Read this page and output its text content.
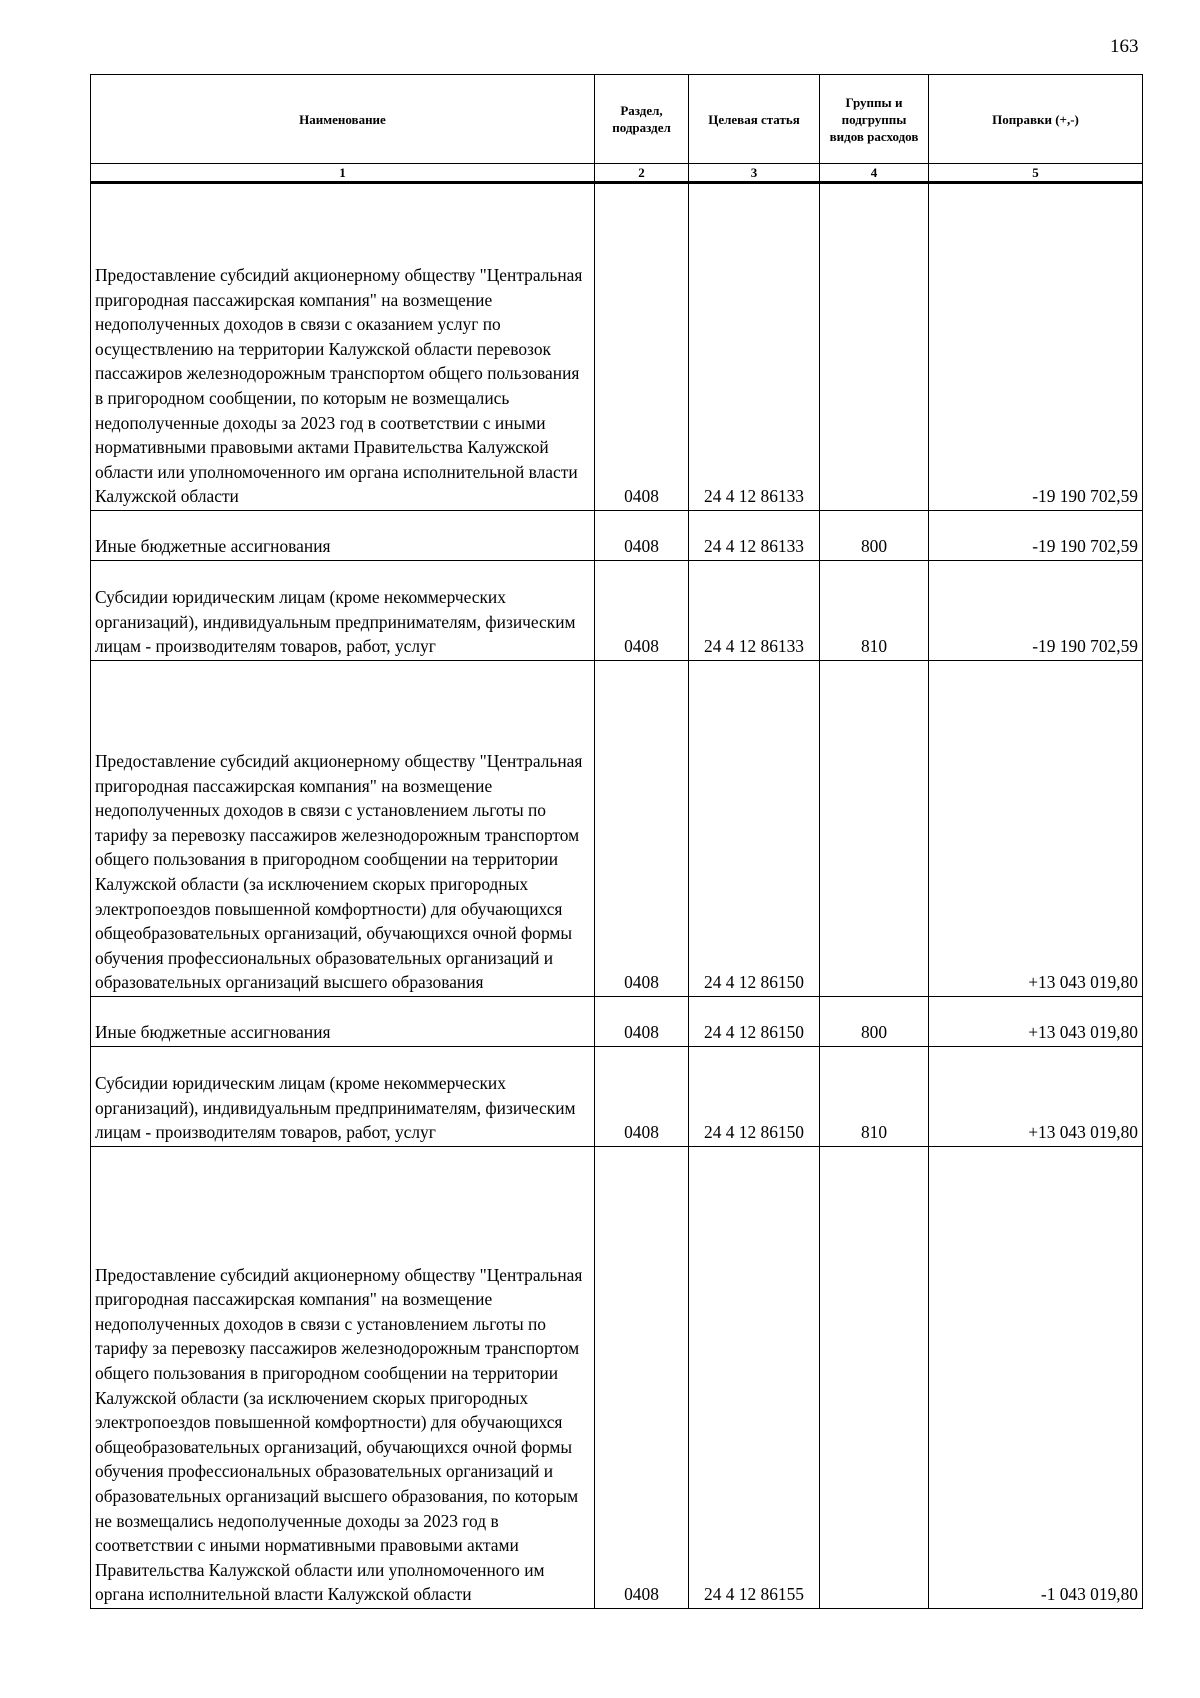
163
Наименование	Раздел, подраздел	Целевая статья	Группы и подгруппы видов расходов	Поправки (+,-)
1	2	3	4	5
Предоставление субсидий акционерному обществу "Центральная пригородная пассажирская компания" на возмещение недополученных доходов в связи с оказанием услуг по осуществлению на территории Калужской области перевозок пассажиров железнодорожным транспортом общего пользования в пригородном сообщении, по которым не возмещались недополученные доходы за 2023 год в соответствии с иными нормативными правовыми актами Правительства Калужской области или уполномоченного им органа исполнительной власти Калужской области	0408	24 4 12 86133		-19 190 702,59
Иные бюджетные ассигнования	0408	24 4 12 86133	800	-19 190 702,59
Субсидии юридическим лицам (кроме некоммерческих организаций), индивидуальным предпринимателям, физическим лицам - производителям товаров, работ, услуг	0408	24 4 12 86133	810	-19 190 702,59
Предоставление субсидий акционерному обществу "Центральная пригородная пассажирская компания" на возмещение недополученных доходов в связи с установлением льготы по тарифу за перевозку пассажиров железнодорожным транспортом общего пользования в пригородном сообщении на территории Калужской области (за исключением скорых пригородных электропоездов повышенной комфортности) для обучающихся общеобразовательных организаций, обучающихся очной формы обучения профессиональных образовательных организаций и образовательных организаций высшего образования	0408	24 4 12 86150		+13 043 019,80
Иные бюджетные ассигнования	0408	24 4 12 86150	800	+13 043 019,80
Субсидии юридическим лицам (кроме некоммерческих организаций), индивидуальным предпринимателям, физическим лицам - производителям товаров, работ, услуг	0408	24 4 12 86150	810	+13 043 019,80
Предоставление субсидий акционерному обществу "Центральная пригородная пассажирская компания" на возмещение недополученных доходов в связи с установлением льготы по тарифу за перевозку пассажиров железнодорожным транспортом общего пользования в пригородном сообщении на территории Калужской области (за исключением скорых пригородных электропоездов повышенной комфортности) для обучающихся общеобразовательных организаций, обучающихся очной формы обучения профессиональных образовательных организаций и образовательных организаций высшего образования, по которым не возмещались недополученные доходы за 2023 год в соответствии с иными нормативными правовыми актами Правительства Калужской области или уполномоченного им органа исполнительной власти Калужской области	0408	24 4 12 86155		-1 043 019,80
